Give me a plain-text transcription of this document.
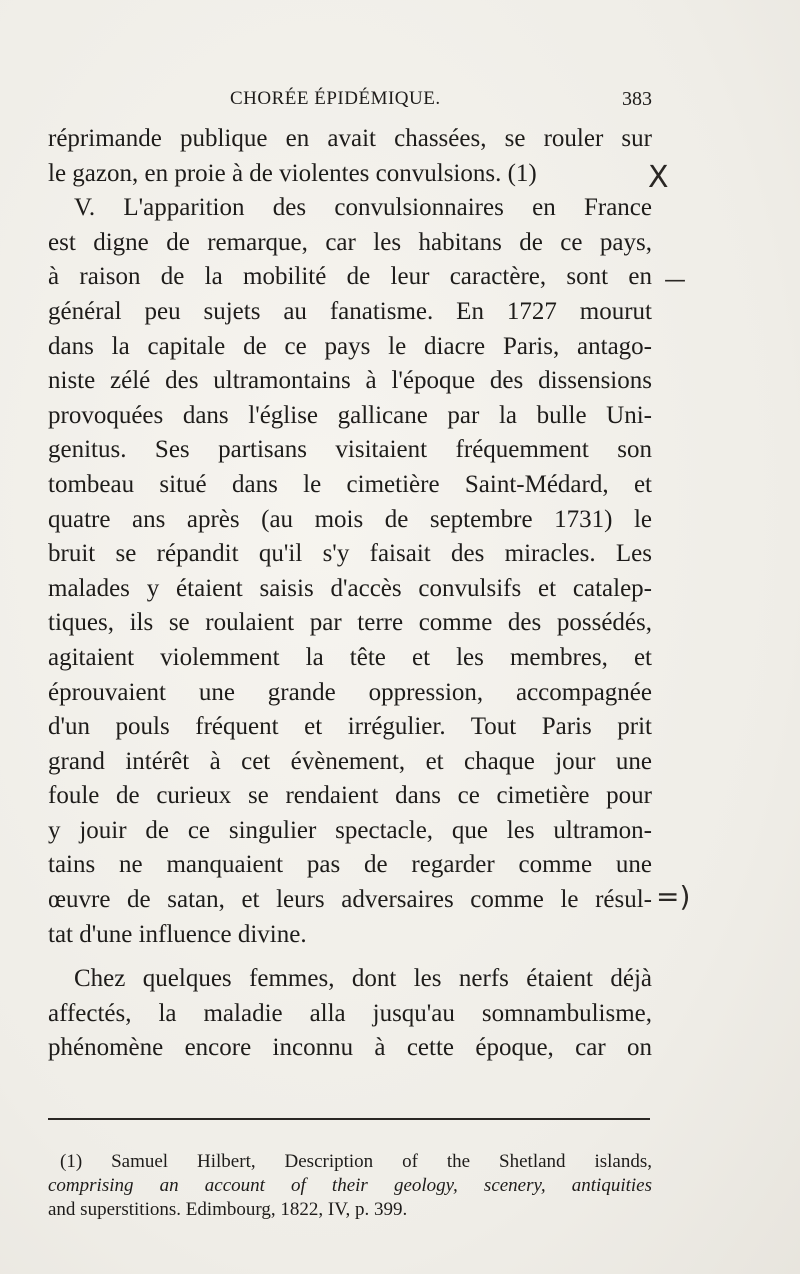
CHORÉE ÉPIDÉMIQUE.	383
réprimande publique en avait chassées, se rouler sur
le gazon, en proie à de violentes convulsions. (1)
V. L'apparition des convulsionnaires en France
est digne de remarque, car les habitans de ce pays,
à raison de la mobilité de leur caractère, sont en
général peu sujets au fanatisme. En 1727 mourut
dans la capitale de ce pays le diacre Paris, antago-
niste zélé des ultramontains à l'époque des dissensions
provoquées dans l'église gallicane par la bulle Uni-
genitus. Ses partisans visitaient fréquemment son
tombeau situé dans le cimetière Saint-Médard, et
quatre ans après (au mois de septembre 1731) le
bruit se répandit qu'il s'y faisait des miracles. Les
malades y étaient saisis d'accès convulsifs et catalep-
tiques, ils se roulaient par terre comme des possédés,
agitaient violemment la tête et les membres, et
éprouvaient une grande oppression, accompagnée
d'un pouls fréquent et irrégulier. Tout Paris prit
grand intérêt à cet évènement, et chaque jour une
foule de curieux se rendaient dans ce cimetière pour
y jouir de ce singulier spectacle, que les ultramon-
tains ne manquaient pas de regarder comme une
œuvre de satan, et leurs adversaires comme le résul-
tat d'une influence divine.
Chez quelques femmes, dont les nerfs étaient déjà
affectés, la maladie alla jusqu'au somnambulisme,
phénomène encore inconnu à cette époque, car on
(1) Samuel Hilbert, Description of the Shetland islands,
comprising an account of their geology, scenery, antiquities
and superstitions. Edimbourg, 1822, IV, p. 399.
X
—
=)
